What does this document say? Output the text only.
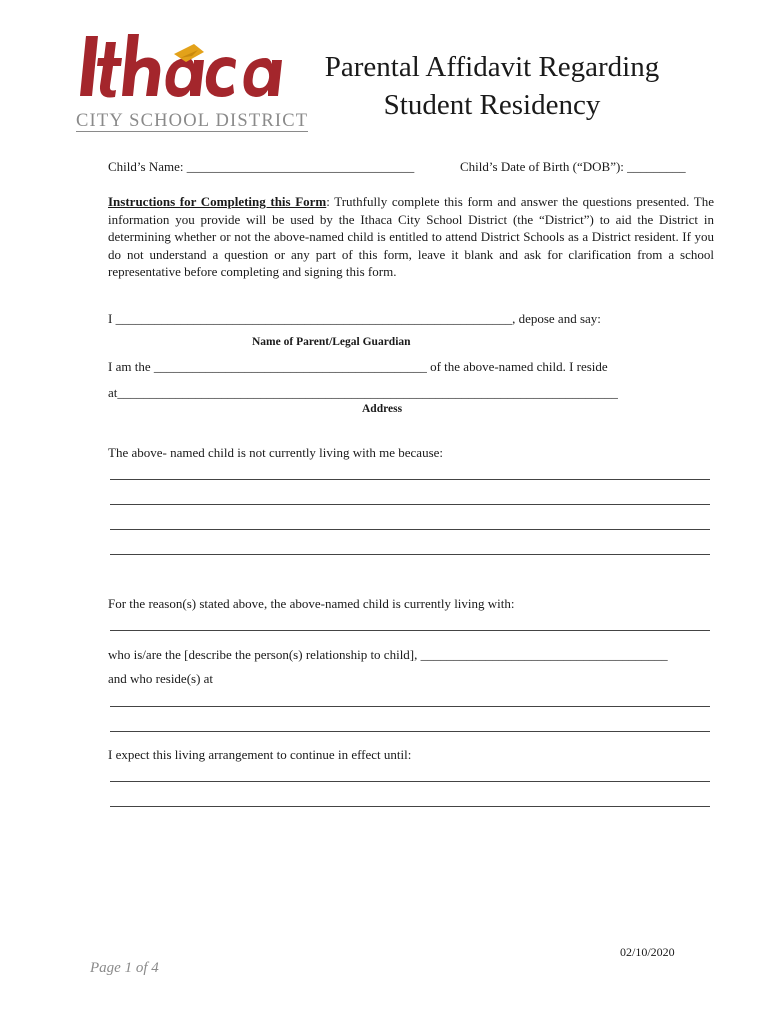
CITY SCHOOL DISTRICT
Parental Affidavit Regarding
Student Residency
Child’s Name: ___________________________________	Child’s Date of Birth (“DOB”): _________
Instructions for Completing this Form: Truthfully complete this form and answer the questions presented. The information you provide will be used by the Ithaca City School District (the “District”) to aid the District in determining whether or not the above-named child is entitled to attend District Schools as a District resident. If you do not understand a question or any part of this form, leave it blank and ask for clarification from a school representative before completing and signing this form.
I _____________________________________________________________, depose and say:
Name of Parent/Legal Guardian
I am the __________________________________________ of the above-named child. I reside
at_____________________________________________________________________________
Address
The above- named child is not currently living with me because:
For the reason(s) stated above, the above-named child is currently living with:
who is/are the [describe the person(s) relationship to child], ______________________________________
and who reside(s) at
I expect this living arrangement to continue in effect until:
02/10/2020
Page 1 of 4
